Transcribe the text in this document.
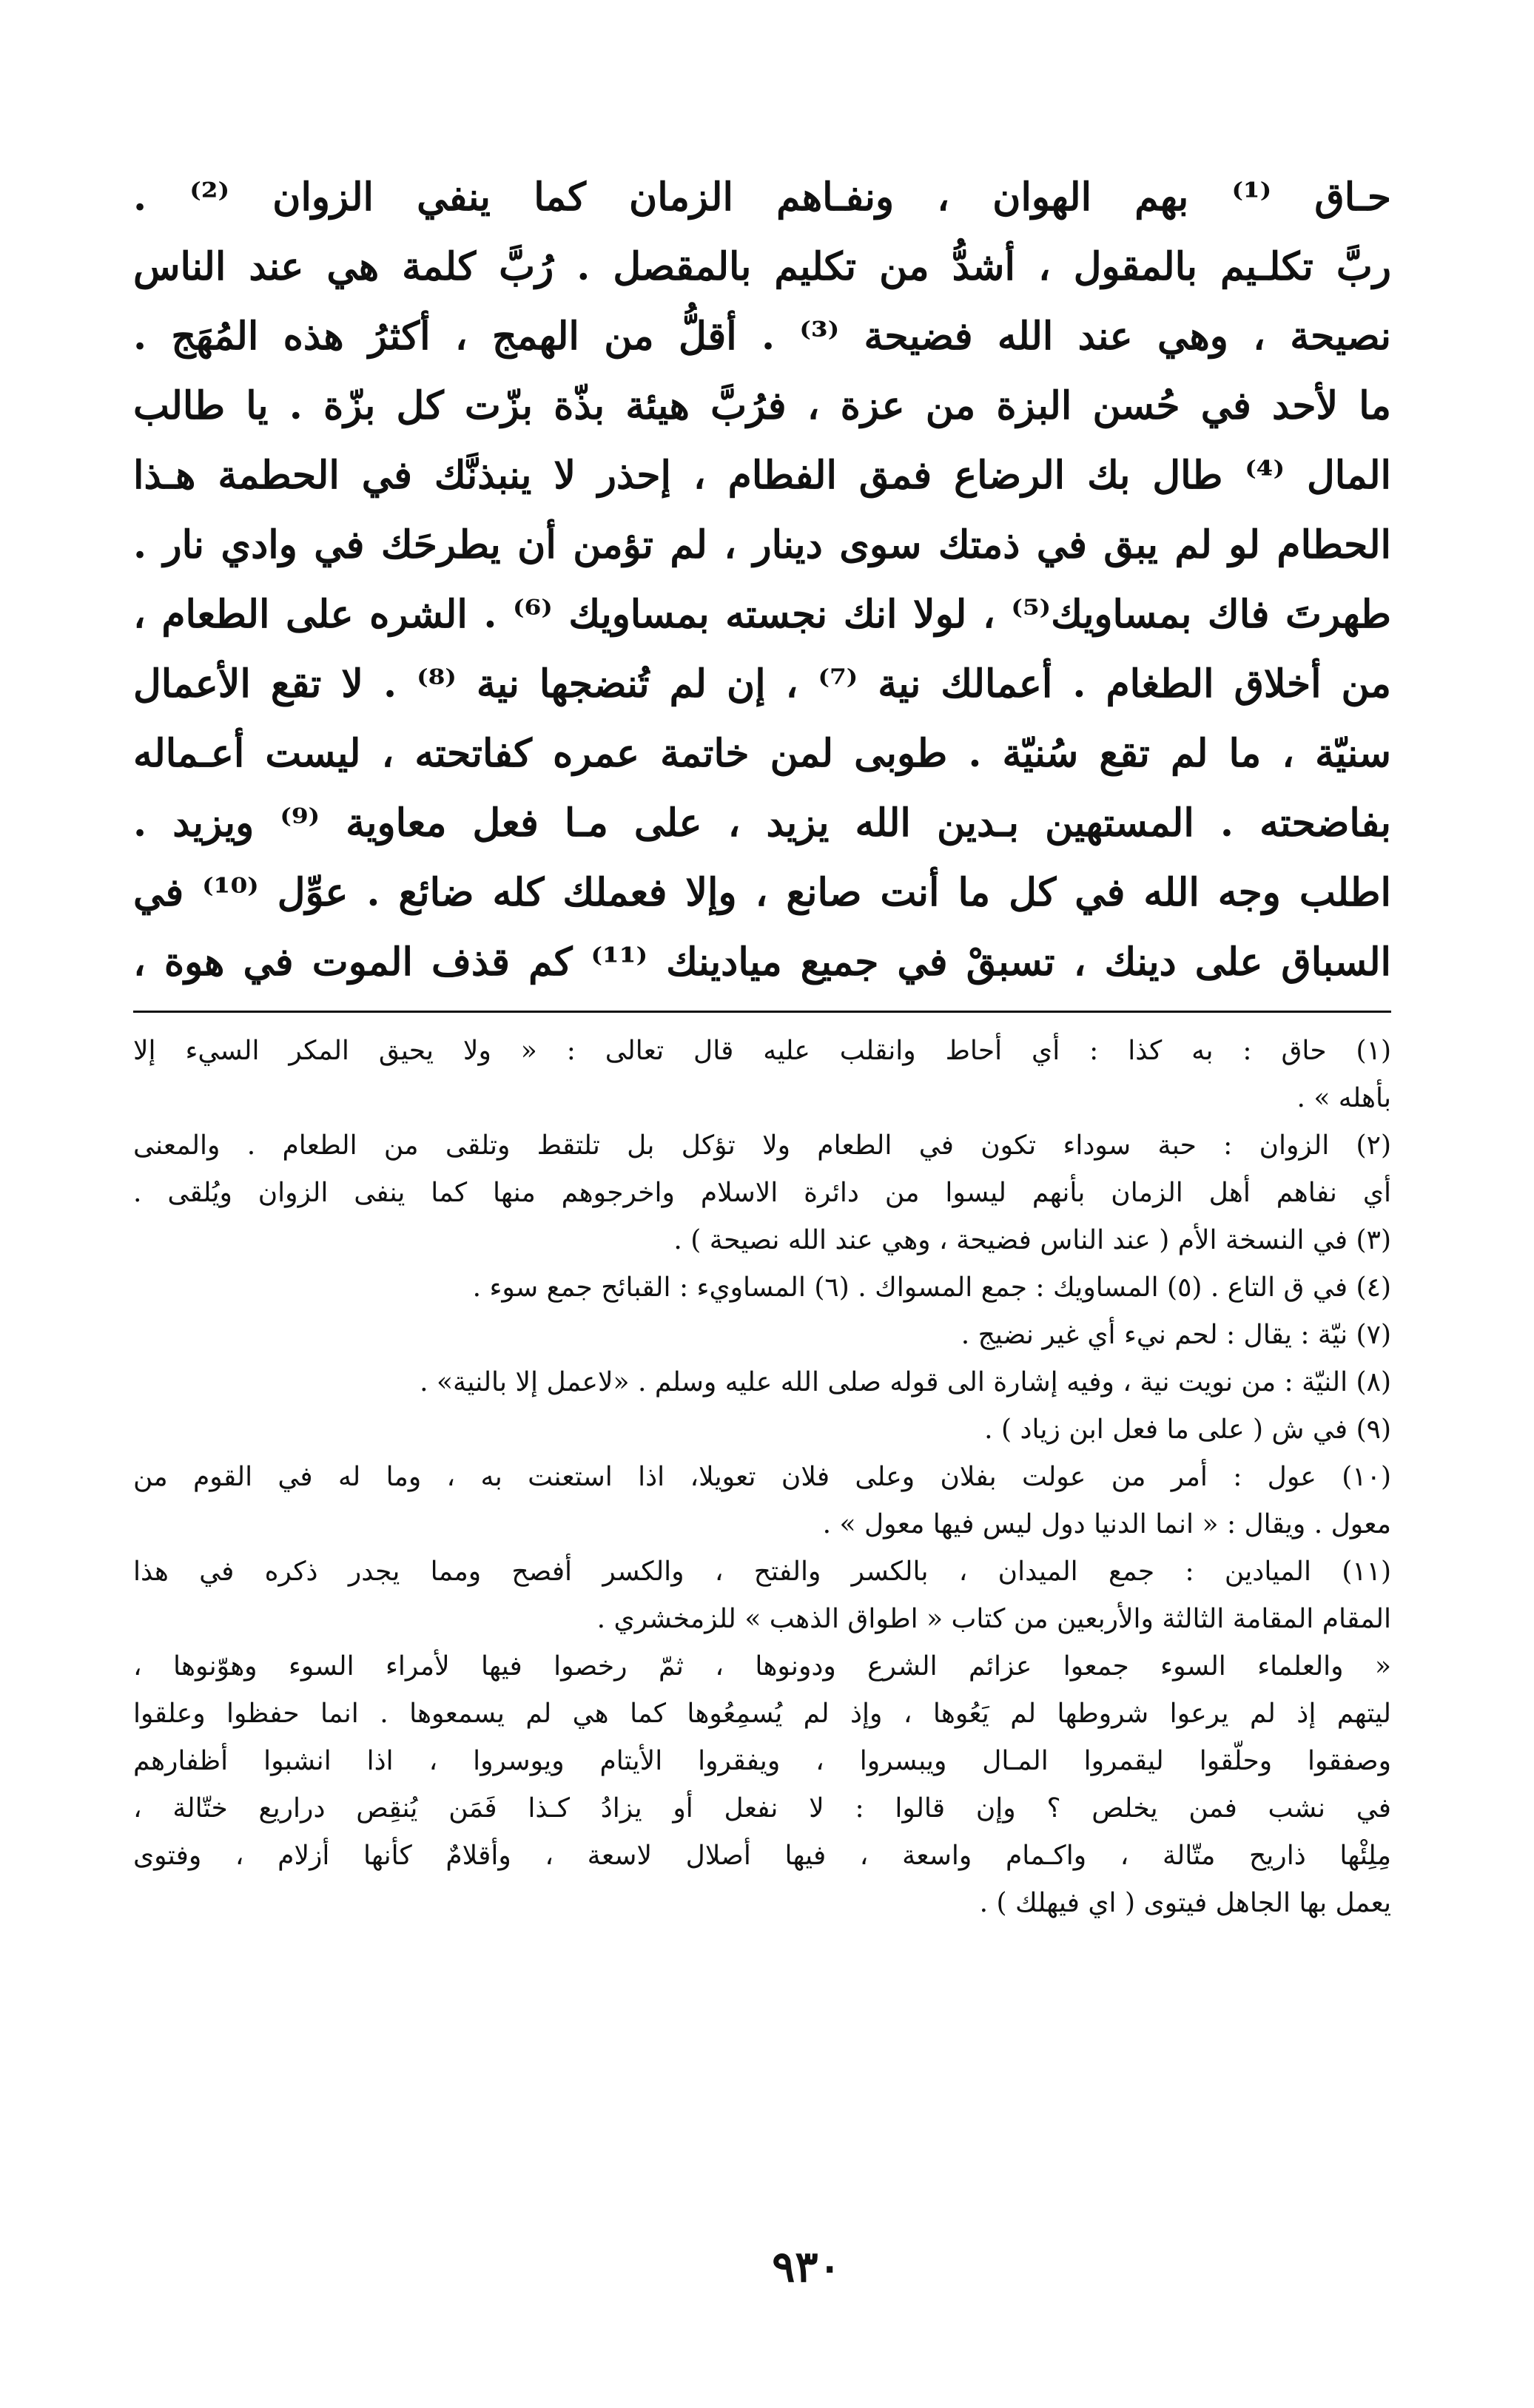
حـاق ⁽¹⁾ بهم الهوان ، ونفـاهم الزمان كما ينفي الزوان ⁽²⁾ .
ربَّ تكلـيم بالمقول ، أشدُّ من تكليم بالمقصل . رُبَّ كلمة هي عند الناس
نصيحة ، وهي عند الله فضيحة ⁽³⁾ . أقلُّ من الهمج ، أكثرُ هذه المُهَج .
ما لأحد في حُسن البزة من عزة ، فرُبَّ هيئة بذّة بزّت كل بزّة . يا طالب
المال ⁽⁴⁾ طال بك الرضاع فمق الفطام ، إحذر لا ينبذنَّك في الحطمة هـذا
الحطام لو لم يبق في ذمتك سوى دينار ، لم تؤمن أن يطرحَك في وادي نار .
طهرتَ فاك بمساويك⁽⁵⁾ ، لولا انك نجسته بمساويك ⁽⁶⁾ . الشره على الطعام ،
من أخلاق الطغام . أعمالك نية ⁽⁷⁾ ، إن لم تُنضجها نية ⁽⁸⁾ . لا تقع الأعمال
سنيّة ، ما لم تقع سُنيّة . طوبى لمن خاتمة عمره كفاتحته ، ليست أعـماله
بفاضحته . المستهين بـدين الله يزيد ، على مـا فعل معاوية ⁽⁹⁾ ويزيد .
اطلب وجه الله في كل ما أنت صانع ، وإلا فعملك كله ضائع . عوِّل ⁽¹⁰⁾ في
السباق على دينك ، تسبقْ في جميع ميادينك ⁽¹¹⁾ كم قذف الموت في هوة ،
(١) حاق : به كذا : أي أحاط وانقلب عليه قال تعالى : « ولا يحيق المكر السيء إلا
بأهله » .
(٢) الزوان : حبة سوداء تكون في الطعام ولا تؤكل بل تلتقط وتلقى من الطعام . والمعنى
أي نفاهم أهل الزمان بأنهم ليسوا من دائرة الاسلام واخرجوهم منها كما ينفى الزوان ويُلقى .
(٣) في النسخة الأم ( عند الناس فضيحة ، وهي عند الله نصيحة ) .
(٤) في ق التاع . (٥) المساويك : جمع المسواك . (٦) المساويء : القبائح جمع سوء .
(٧) نيّة : يقال : لحم نيء أي غير نضيج .
(٨) النيّة : من نويت نية ، وفيه إشارة الى قوله صلى الله عليه وسلم . «لاعمل إلا بالنية» .
(٩) في ش ( على ما فعل ابن زياد ) .
(١٠) عول : أمر من عولت بفلان وعلى فلان تعويلا، اذا استعنت به ، وما له في القوم من
معول . ويقال : « انما الدنيا دول ليس فيها معول » .
(١١) الميادين : جمع الميدان ، بالكسر والفتح ، والكسر أفصح ومما يجدر ذكره في هذا
المقام المقامة الثالثة والأربعين من كتاب « اطواق الذهب » للزمخشري .
« والعلماء السوء جمعوا عزائم الشرع ودونوها ، ثمّ رخصوا فيها لأمراء السوء وهوّنوها ،
ليتهم إذ لم يرعوا شروطها لم يَعُوها ، وإذ لم يُسمِعُوها كما هي لم يسمعوها . انما حفظوا وعلقوا
وصفقوا وحلّقوا ليقمروا المـال ويبسروا ، ويفقروا الأيتام ويوسروا ، اذا انشبوا أظفارهم
في نشب فمن يخلص ؟ وإن قالوا : لا نفعل أو يزادُ كـذا فَمَن يُنقِص دراريع ختّالة ،
مِلِئْها ذاريح متّالة ، واكـمام واسعة ، فيها أصلال لاسعة ، وأقلامٌ كأنها أزلام ، وفتوى
يعمل بها الجاهل فيتوى ( اي فيهلك ) .
٩٣٠
